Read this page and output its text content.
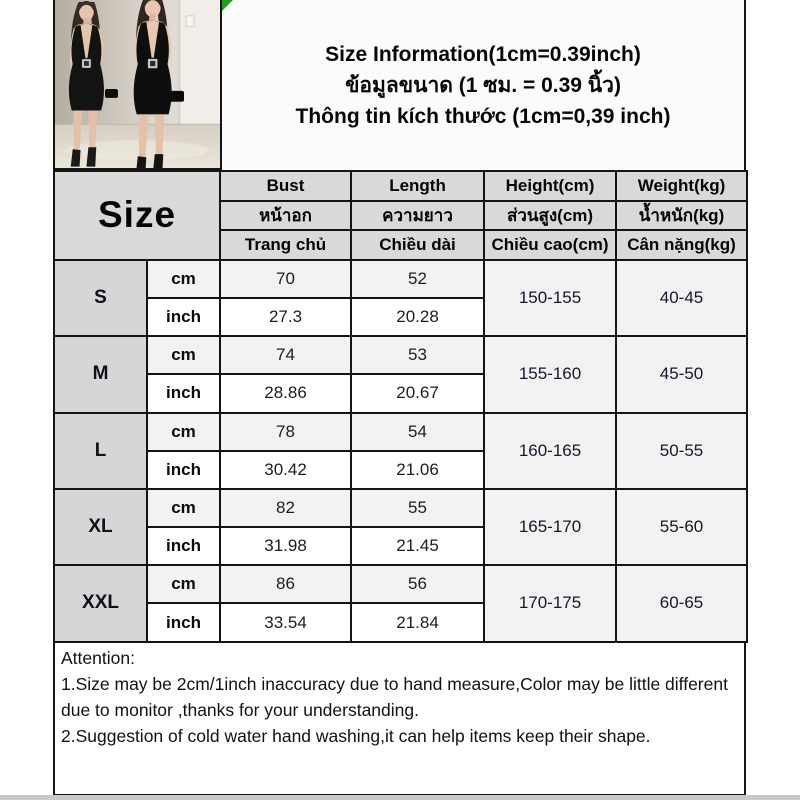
Size Information(1cm=0.39inch)
ข้อมูลขนาด (1 ซม. = 0.39 นิ้ว)
Thông tin kích thước (1cm=0,39 inch)
Size		Bust	Length	Height(cm)	Weight(kg)
		หน้าอก	ความยาว	ส่วนสูง(cm)	น้ำหนัก(kg)
		Trang chủ	Chiều dài	Chiều cao(cm)	Cân nặng(kg)
S	cm	70	52	150-155	40-45
	inch	27.3	20.28		
M	cm	74	53	155-160	45-50
	inch	28.86	20.67		
L	cm	78	54	160-165	50-55
	inch	30.42	21.06		
XL	cm	82	55	165-170	55-60
	inch	31.98	21.45		
XXL	cm	86	56	170-175	60-65
	inch	33.54	21.84		
Attention:
1.Size may be 2cm/1inch inaccuracy due to hand measure,Color may be little different due to monitor ,thanks for your understanding.
2.Suggestion of cold water hand washing,it can help items keep their shape.
